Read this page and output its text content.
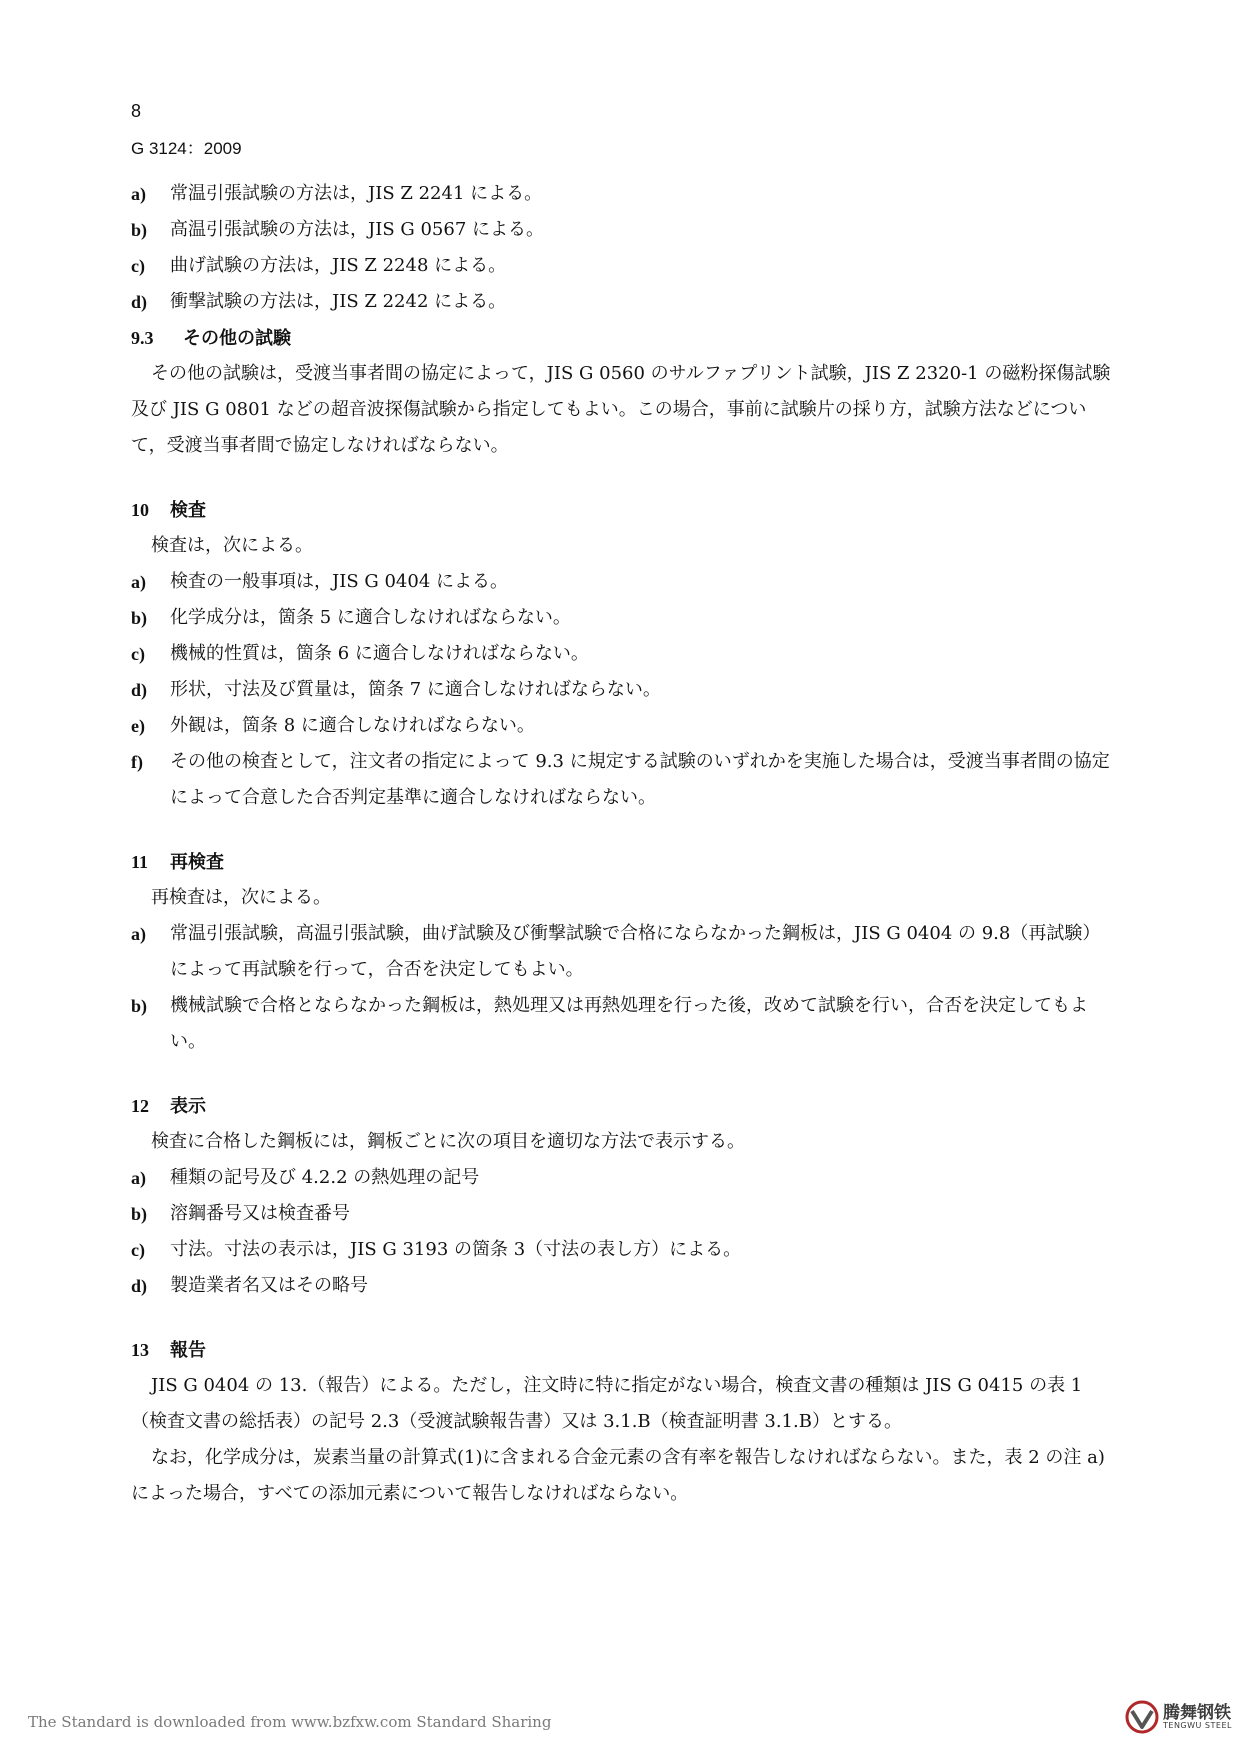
8
G 3124：2009
a)	常温引張試験の方法は，JIS Z 2241 による。
b)	高温引張試験の方法は，JIS G 0567 による。
c)	曲げ試験の方法は，JIS Z 2248 による。
d)	衝撃試験の方法は，JIS Z 2242 による。
9.3 その他の試験
その他の試験は，受渡当事者間の協定によって，JIS G 0560 のサルファプリント試験，JIS Z 2320-1 の磁粉探傷試験及び JIS G 0801 などの超音波探傷試験から指定してもよい。この場合，事前に試験片の採り方，試験方法などについて，受渡当事者間で協定しなければならない。
10 検査
検査は，次による。
a)	検査の一般事項は，JIS G 0404 による。
b)	化学成分は，箇条 5 に適合しなければならない。
c)	機械的性質は，箇条 6 に適合しなければならない。
d)	形状，寸法及び質量は，箇条 7 に適合しなければならない。
e)	外観は，箇条 8 に適合しなければならない。
f)	その他の検査として，注文者の指定によって 9.3 に規定する試験のいずれかを実施した場合は，受渡当事者間の協定によって合意した合否判定基準に適合しなければならない。
11 再検査
再検査は，次による。
a)	常温引張試験，高温引張試験，曲げ試験及び衝撃試験で合格にならなかった鋼板は，JIS G 0404 の 9.8（再試験）によって再試験を行って，合否を決定してもよい。
b)	機械試験で合格とならなかった鋼板は，熱処理又は再熱処理を行った後，改めて試験を行い，合否を決定してもよい。
12 表示
検査に合格した鋼板には，鋼板ごとに次の項目を適切な方法で表示する。
a)	種類の記号及び 4.2.2 の熱処理の記号
b)	溶鋼番号又は検査番号
c)	寸法。寸法の表示は，JIS G 3193 の箇条 3（寸法の表し方）による。
d)	製造業者名又はその略号
13 報告
JIS G 0404 の 13.（報告）による。ただし，注文時に特に指定がない場合，検査文書の種類は JIS G 0415 の表 1（検査文書の総括表）の記号 2.3（受渡試験報告書）又は 3.1.B（検査証明書 3.1.B）とする。
なお，化学成分は，炭素当量の計算式(1)に含まれる合金元素の含有率を報告しなければならない。また，表 2 の注 a) によった場合，すべての添加元素について報告しなければならない。
The Standard is downloaded from www.bzfxw.com Standard Sharing	腾舞钢铁
TENGWU STEEL
